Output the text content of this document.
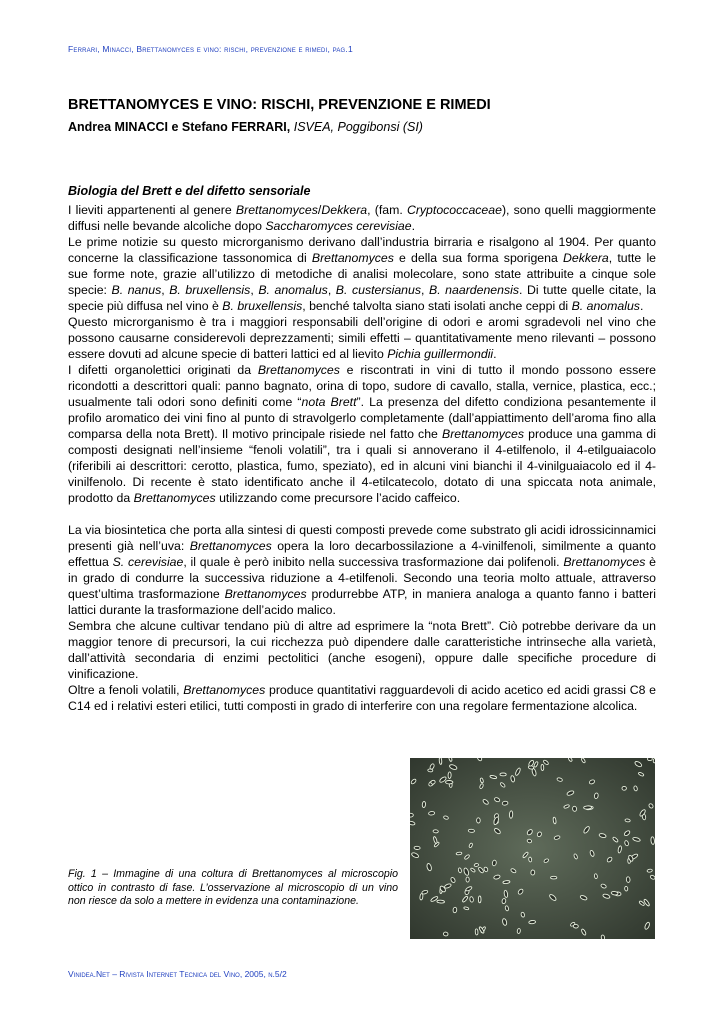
Ferrari, Minacci, Brettanomyces e vino: rischi, prevenzione e rimedi, pag.1
BRETTANOMYCES E VINO: RISCHI, PREVENZIONE E RIMEDI
Andrea MINACCI e Stefano FERRARI, ISVEA, Poggibonsi (SI)
Biologia del Brett e del difetto sensoriale

I lieviti appartenenti al genere Brettanomyces/Dekkera, (fam. Cryptococcaceae), sono quelli maggiormente diffusi nelle bevande alcoliche dopo Saccharomyces cerevisiae.

Le prime notizie su questo microrganismo derivano dall’industria birraria e risalgono al 1904. Per quanto concerne la classificazione tassonomica di Brettanomyces e della sua forma sporigena Dekkera, tutte le sue forme note, grazie all’utilizzo di metodiche di analisi molecolare, sono state attribuite a cinque sole specie: B. nanus, B. bruxellensis, B. anomalus, B. custersianus, B. naardenensis. Di tutte quelle citate, la specie più diffusa nel vino è B. bruxellensis, benché talvolta siano stati isolati anche ceppi di B. anomalus.

Questo microrganismo è tra i maggiori responsabili dell’origine di odori e aromi sgradevoli nel vino che possono causarne considerevoli deprezzamenti; simili effetti – quantitativamente meno rilevanti – possono essere dovuti ad alcune specie di batteri lattici ed al lievito Pichia guillermondii.

I difetti organolettici originati da Brettanomyces e riscontrati in vini di tutto il mondo possono essere ricondotti a descrittori quali: panno bagnato, orina di topo, sudore di cavallo, stalla, vernice, plastica, ecc.; usualmente tali odori sono definiti come “nota Brett”. La presenza del difetto condiziona pesantemente il profilo aromatico dei vini fino al punto di stravolgerlo completamente (dall’appiattimento dell’aroma fino alla comparsa della nota Brett). Il motivo principale risiede nel fatto che Brettanomyces produce una gamma di composti designati nell’insieme “fenoli volatili”, tra i quali si annoverano il 4-etilfenolo, il 4-etilguaiacolo (riferibili ai descrittori: cerotto, plastica, fumo, speziato), ed in alcuni vini bianchi il 4-vinilguaiacolo ed il 4-vinilfenolo. Di recente è stato identificato anche il 4-etilcatecolo, dotato di una spiccata nota animale, prodotto da Brettanomyces utilizzando come precursore l’acido caffeico.

La via biosintetica che porta alla sintesi di questi composti prevede come substrato gli acidi idrossicinnamici presenti già nell’uva: Brettanomyces opera la loro decarbossilazione a 4-vinilfenoli, similmente a quanto effettua S. cerevisiae, il quale è però inibito nella successiva trasformazione dai polifenoli. Brettanomyces è in grado di condurre la successiva riduzione a 4-etilfenoli. Secondo una teoria molto attuale, attraverso quest’ultima trasformazione Brettanomyces produrrebbe ATP, in maniera analoga a quanto fanno i batteri lattici durante la trasformazione dell’acido malico.

Sembra che alcune cultivar tendano più di altre ad esprimere la “nota Brett”. Ciò potrebbe derivare da un maggior tenore di precursori, la cui ricchezza può dipendere dalle caratteristiche intrinseche alla varietà, dall’attività secondaria di enzimi pectolitici (anche esogeni), oppure dalle specifiche procedure di vinificazione.

Oltre a fenoli volatili, Brettanomyces produce quantitativi ragguardevoli di acido acetico ed acidi grassi C8 e C14 ed i relativi esteri etilici, tutti composti in grado di interferire con una regolare fermentazione alcolica.

Fig. 1 – Immagine di una coltura di Brettanomyces al microscopio ottico in contrasto di fase. L’osservazione al microscopio di un vino non riesce da solo a mettere in evidenza una contaminazione.
Vinidea.Net – Rivista Internet Tecnica del Vino, 2005, n.5/2
